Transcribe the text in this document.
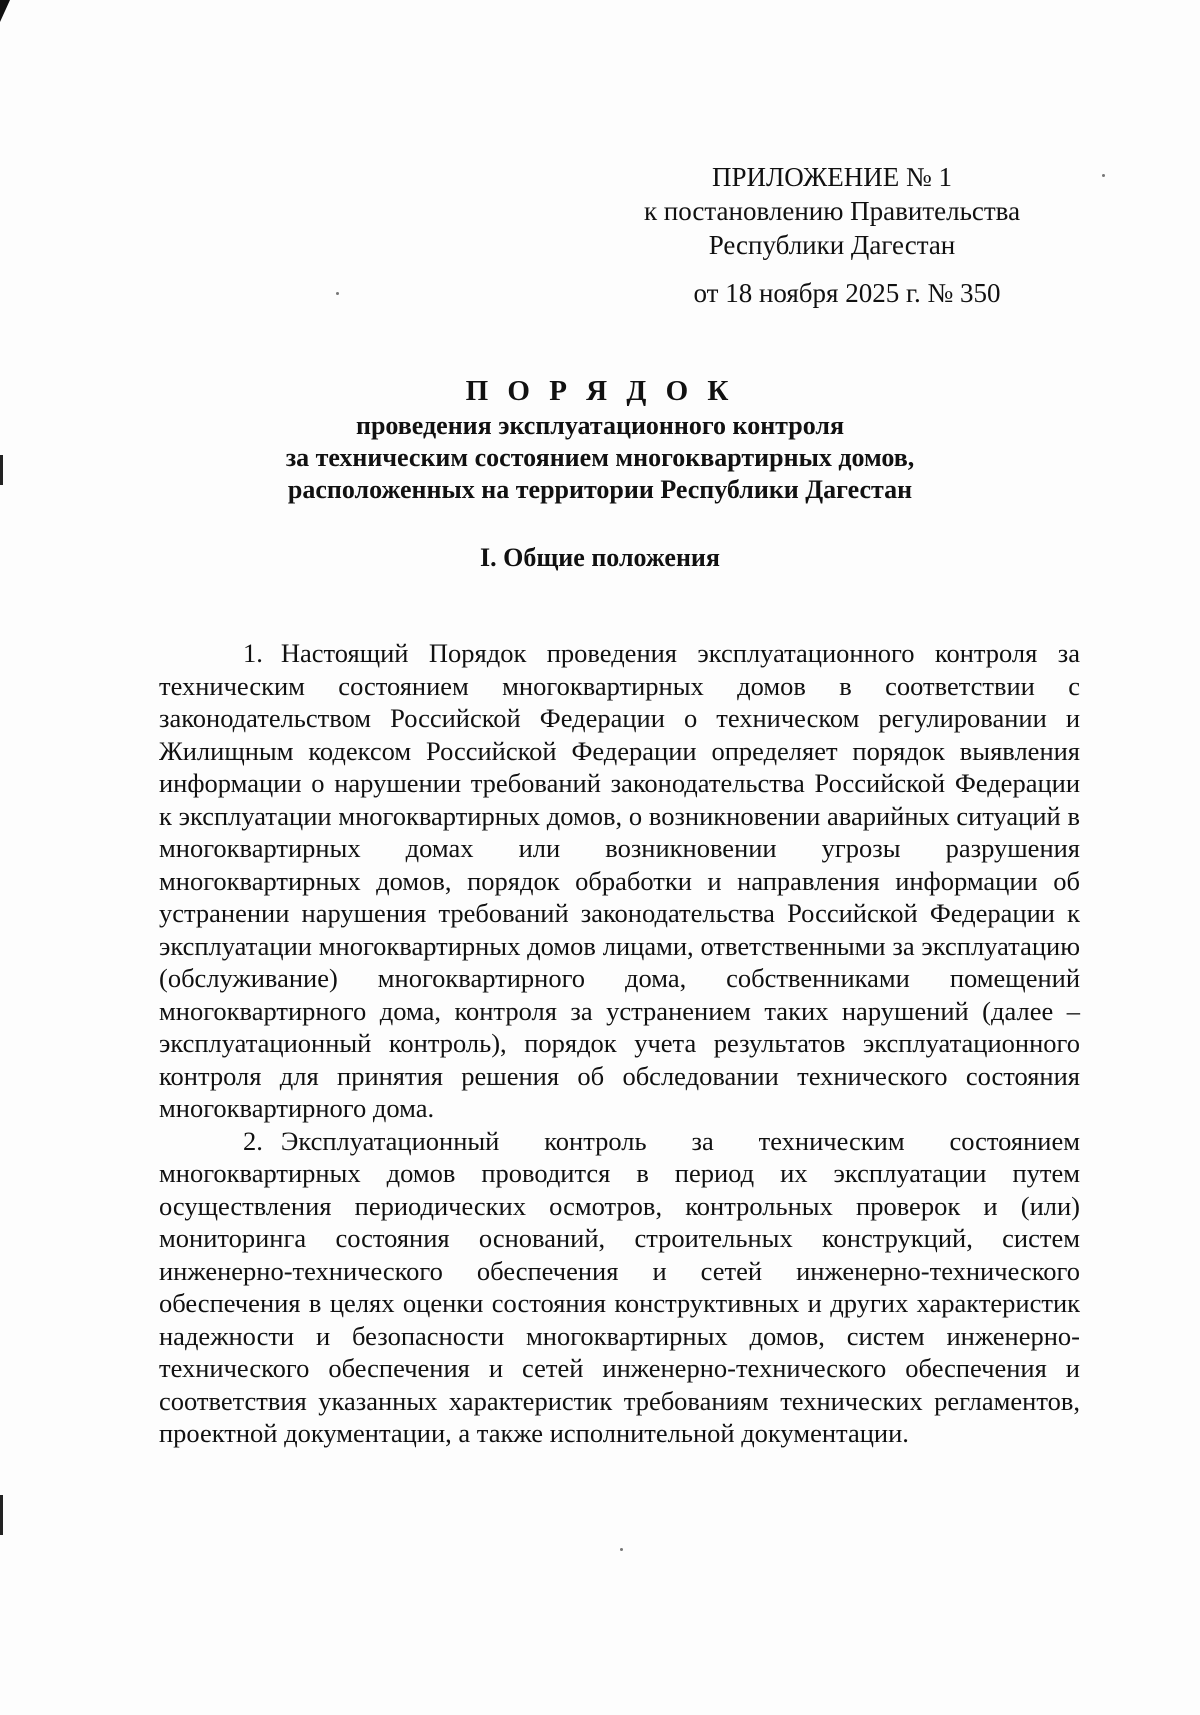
ПРИЛОЖЕНИЕ № 1
к постановлению Правительства
Республики Дагестан
от 18 ноября 2025 г. № 350
П О Р Я Д О К
проведения эксплуатационного контроля
за техническим состоянием многоквартирных домов,
расположенных на территории Республики Дагестан
I. Общие положения

1. Настоящий Порядок проведения эксплуатационного контроля за техническим состоянием многоквартирных домов в соответствии с законодательством Российской Федерации о техническом регулировании и Жилищным кодексом Российской Федерации определяет порядок выявления информации о нарушении требований законодательства Российской Федерации к эксплуатации многоквартирных домов, о возникновении аварийных ситуаций в многоквартирных домах или возникновении угрозы разрушения многоквартирных домов, порядок обработки и направления информации об устранении нарушения требований законодательства Российской Федерации к эксплуатации многоквартирных домов лицами, ответственными за эксплуатацию (обслуживание) многоквартирного дома, собственниками помещений многоквартирного дома, контроля за устранением таких нарушений (далее – эксплуатационный контроль), порядок учета результатов эксплуатационного контроля для принятия решения об обследовании технического состояния многоквартирного дома.

2. Эксплуатационный контроль за техническим состоянием многоквартирных домов проводится в период их эксплуатации путем осуществления периодических осмотров, контрольных проверок и (или) мониторинга состояния оснований, строительных конструкций, систем инженерно-технического обеспечения и сетей инженерно-технического обеспечения в целях оценки состояния конструктивных и других характеристик надежности и безопасности многоквартирных домов, систем инженерно-технического обеспечения и сетей инженерно-технического обеспечения и соответствия указанных характеристик требованиям технических регламентов, проектной документации, а также исполнительной документации.
